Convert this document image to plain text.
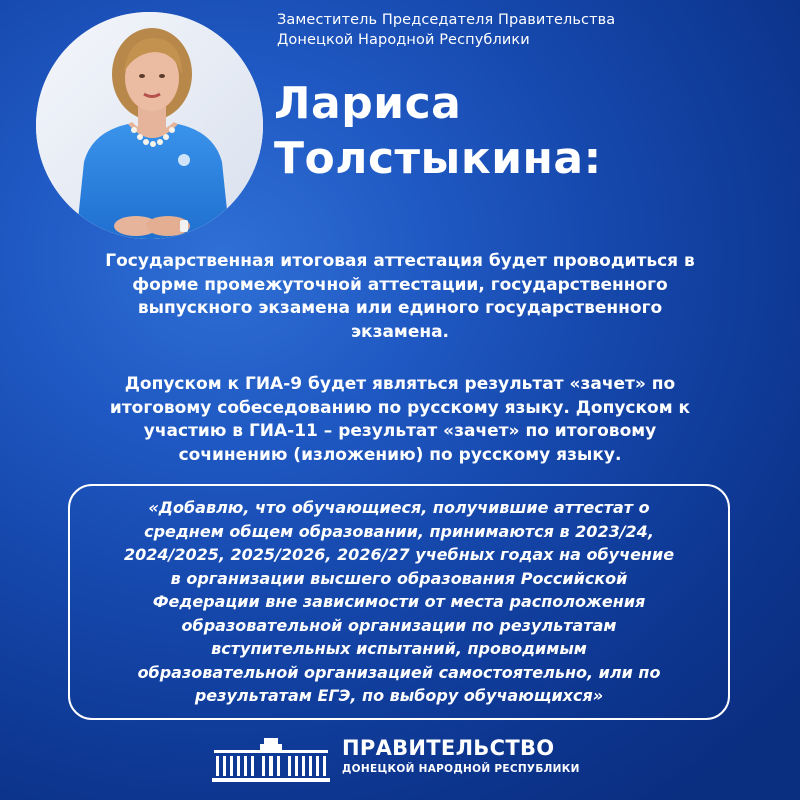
Заместитель Председателя Правительства
Донецкой Народной Республики
Лариса
Толстыкина:
Государственная итоговая аттестация будет проводиться в
форме промежуточной аттестации, государственного
выпускного экзамена или единого государственного
экзамена.
Допуском к ГИА-9 будет являться результат «зачет» по
итоговому собеседованию по русскому языку. Допуском к
участию в ГИА-11 – результат «зачет» по итоговому
сочинению (изложению) по русскому языку.
«Добавлю, что обучающиеся, получившие аттестат о
среднем общем образовании, принимаются в 2023/24,
2024/2025, 2025/2026, 2026/27 учебных годах на обучение
в организации высшего образования Российской
Федерации вне зависимости от места расположения
образовательной организации по результатам
вступительных испытаний, проводимым
образовательной организацией самостоятельно, или по
результатам ЕГЭ, по выбору обучающихся»
ПРАВИТЕЛЬСТВО
ДОНЕЦКОЙ НАРОДНОЙ РЕСПУБЛИКИ
